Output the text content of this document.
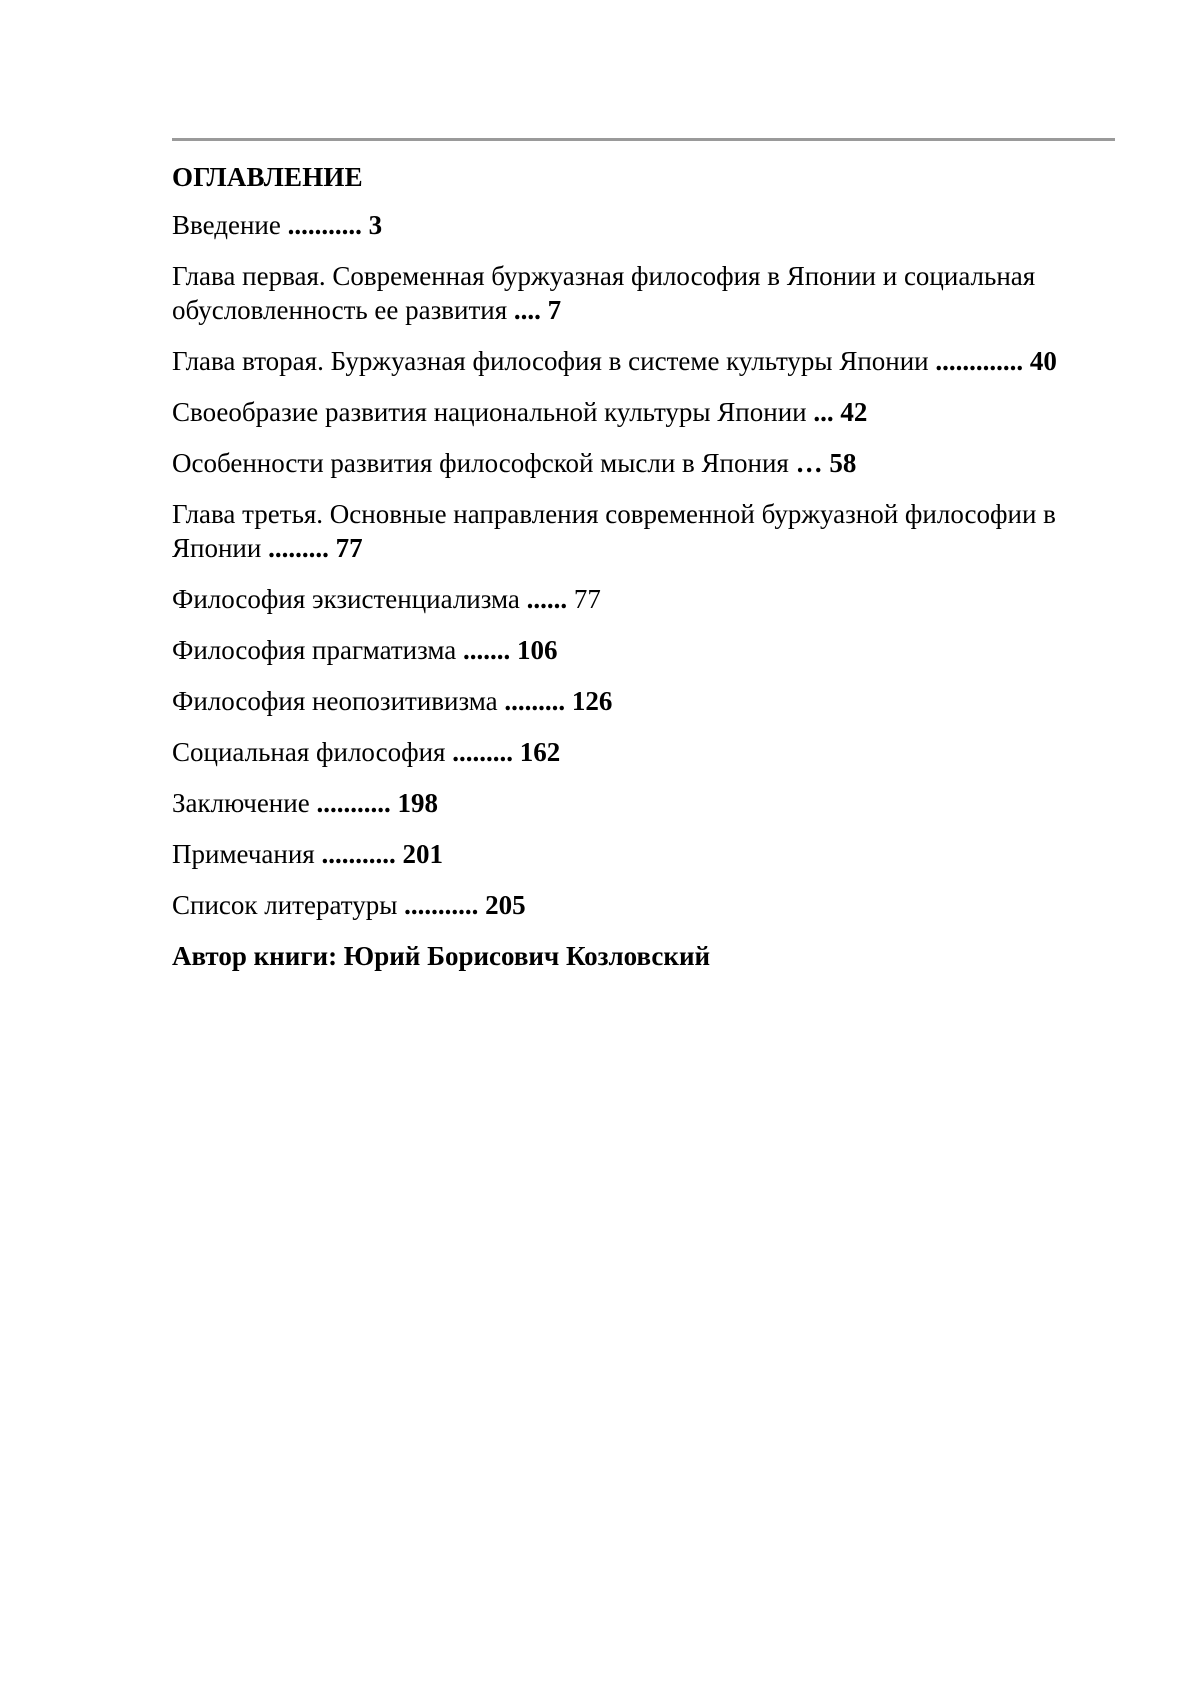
ОГЛАВЛЕНИЕ
Введение ........... 3
Глава первая. Современная буржуазная философия в Японии и социальная обусловленность ее развития .... 7
Глава вторая. Буржуазная философия в системе культуры Японии ............. 40
Своеобразие развития национальной культуры Японии ... 42
Особенности развития философской мысли в Япония … 58
Глава третья. Основные направления современной буржуазной философии в Японии ......... 77
Философия экзистенциализма ...... 77
Философия прагматизма ....... 106
Философия неопозитивизма ......... 126
Социальная философия ......... 162
Заключение ........... 198
Примечания ........... 201
Список литературы ........... 205
Автор книги: Юрий Борисович Козловский
